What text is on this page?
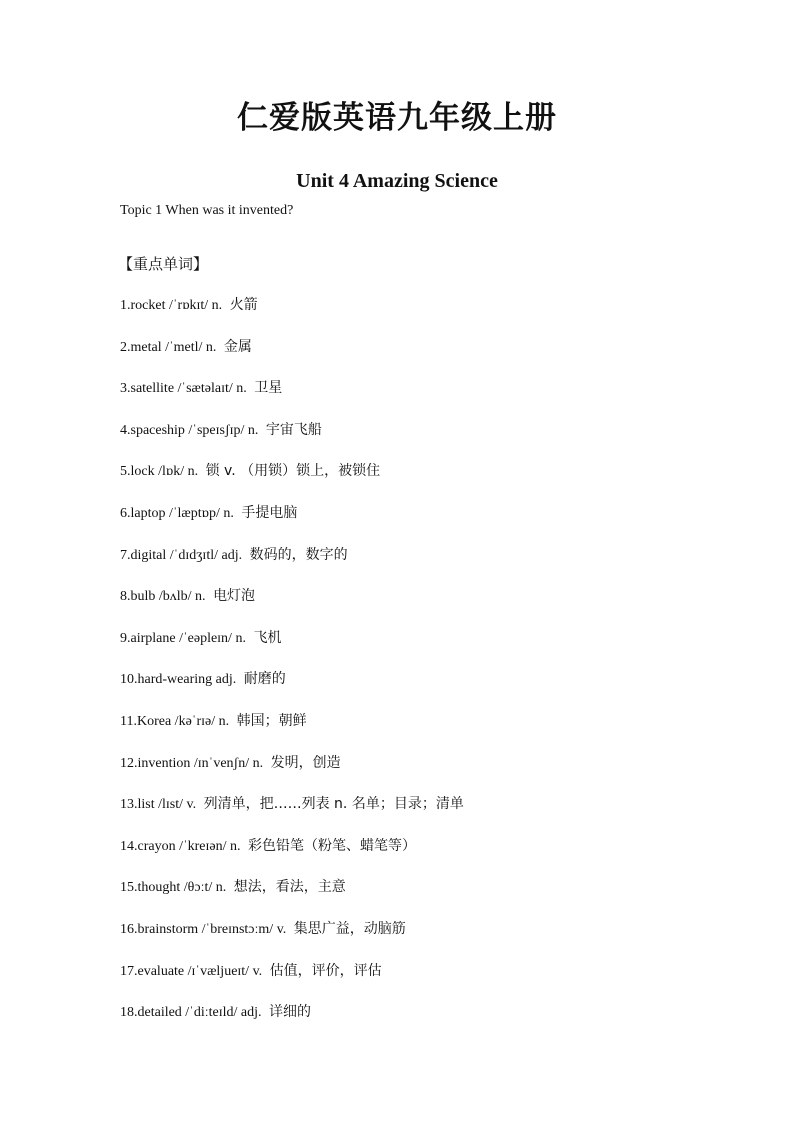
仁爱版英语九年级上册
Unit 4 Amazing Science
Topic 1 When was it invented?
【重点单词】
1.rocket /ˈrɒkɪt/ n. 火箭
2.metal /ˈmetl/ n. 金属
3.satellite /ˈsætəlaɪt/ n. 卫星
4.spaceship /ˈspeɪsʃɪp/ n. 宇宙飞船
5.lock /lɒk/ n. 锁 v. （用锁）锁上，被锁住
6.laptop /ˈlæptɒp/ n. 手提电脑
7.digital /ˈdɪdʒɪtl/ adj. 数码的，数字的
8.bulb /bʌlb/ n. 电灯泡
9.airplane /ˈeəpleɪn/ n. 飞机
10.hard-wearing adj. 耐磨的
11.Korea /kəˈrɪə/ n. 韩国；朝鲜
12.invention /ɪnˈvenʃn/ n. 发明，创造
13.list /lɪst/ v. 列清单，把……列表 n. 名单；目录；清单
14.crayon /ˈkreɪən/ n. 彩色铅笔（粉笔、蜡笔等）
15.thought /θɔːt/ n. 想法，看法，主意
16.brainstorm /ˈbreɪnstɔːm/ v. 集思广益，动脑筋
17.evaluate /ɪˈvæljueɪt/ v. 估值，评价，评估
18.detailed /ˈdiːteɪld/ adj. 详细的
